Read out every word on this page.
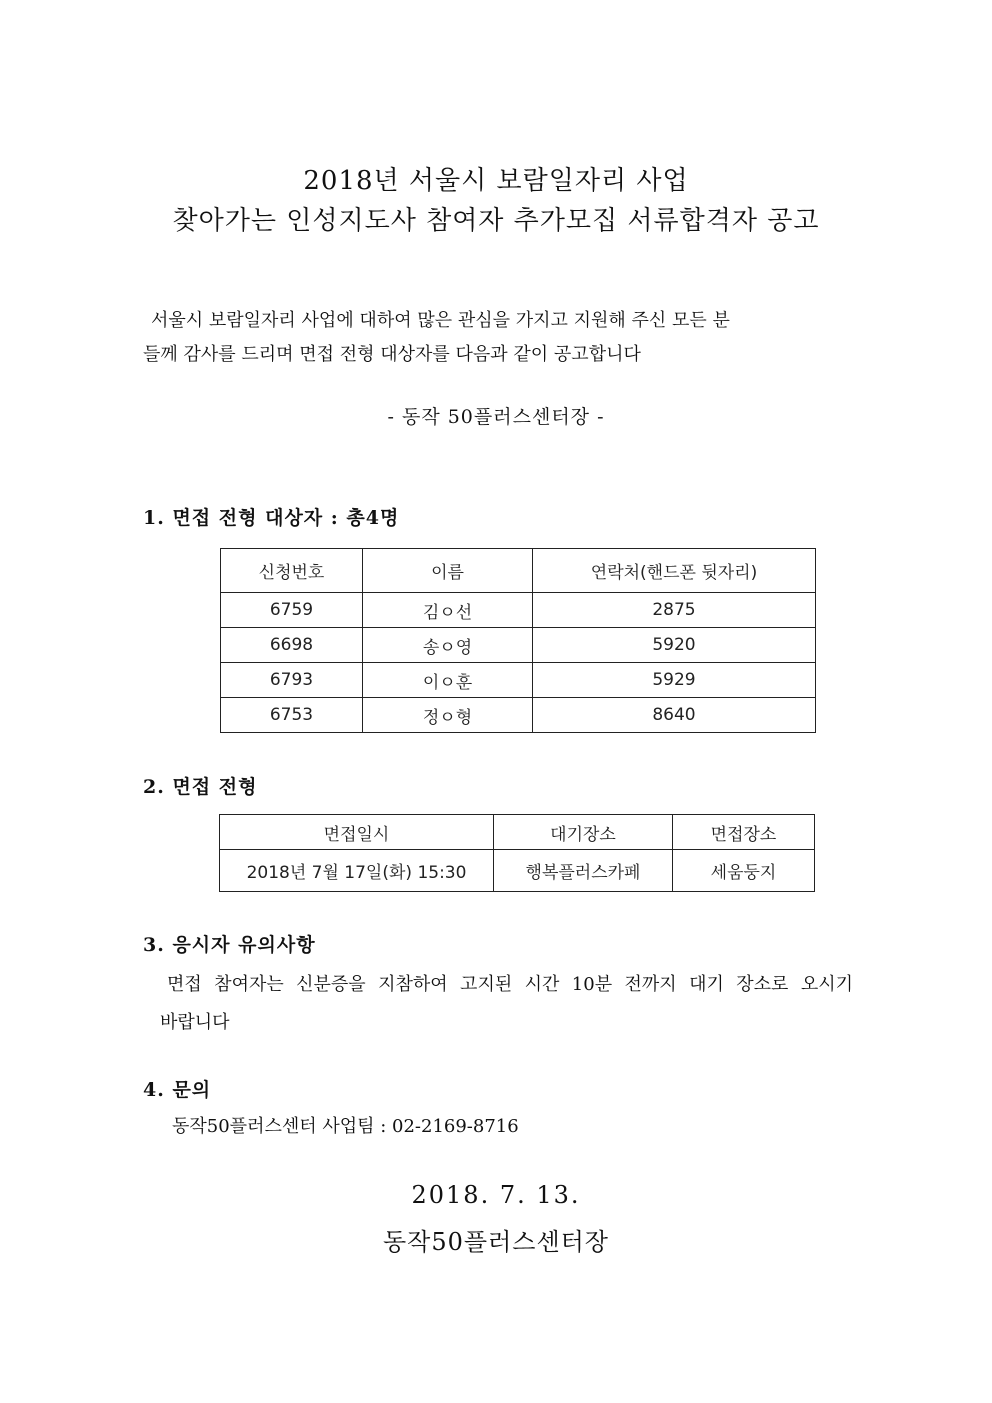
2018년 서울시 보람일자리 사업
찾아가는 인성지도사 참여자 추가모집 서류합격자 공고
서울시 보람일자리 사업에 대하여 많은 관심을 가지고 지원해 주신 모든 분
들께 감사를 드리며 면접 전형 대상자를 다음과 같이 공고합니다
- 동작 50플러스센터장 -
1. 면접 전형 대상자 : 총4명
신청번호	이름	연락처(핸드폰 뒷자리)
6759	김ㅇ선	2875
6698	송ㅇ영	5920
6793	이ㅇ훈	5929
6753	정ㅇ형	8640
2. 면접 전형
면접일시	대기장소	면접장소
2018년 7월 17일(화) 15:30	행복플러스카페	세움둥지
3. 응시자 유의사항
면접 참여자는 신분증을 지참하여 고지된 시간 10분 전까지 대기 장소로 오시기
바랍니다
4. 문의
동작50플러스센터 사업팀 : 02-2169-8716
2018. 7. 13.
동작50플러스센터장
